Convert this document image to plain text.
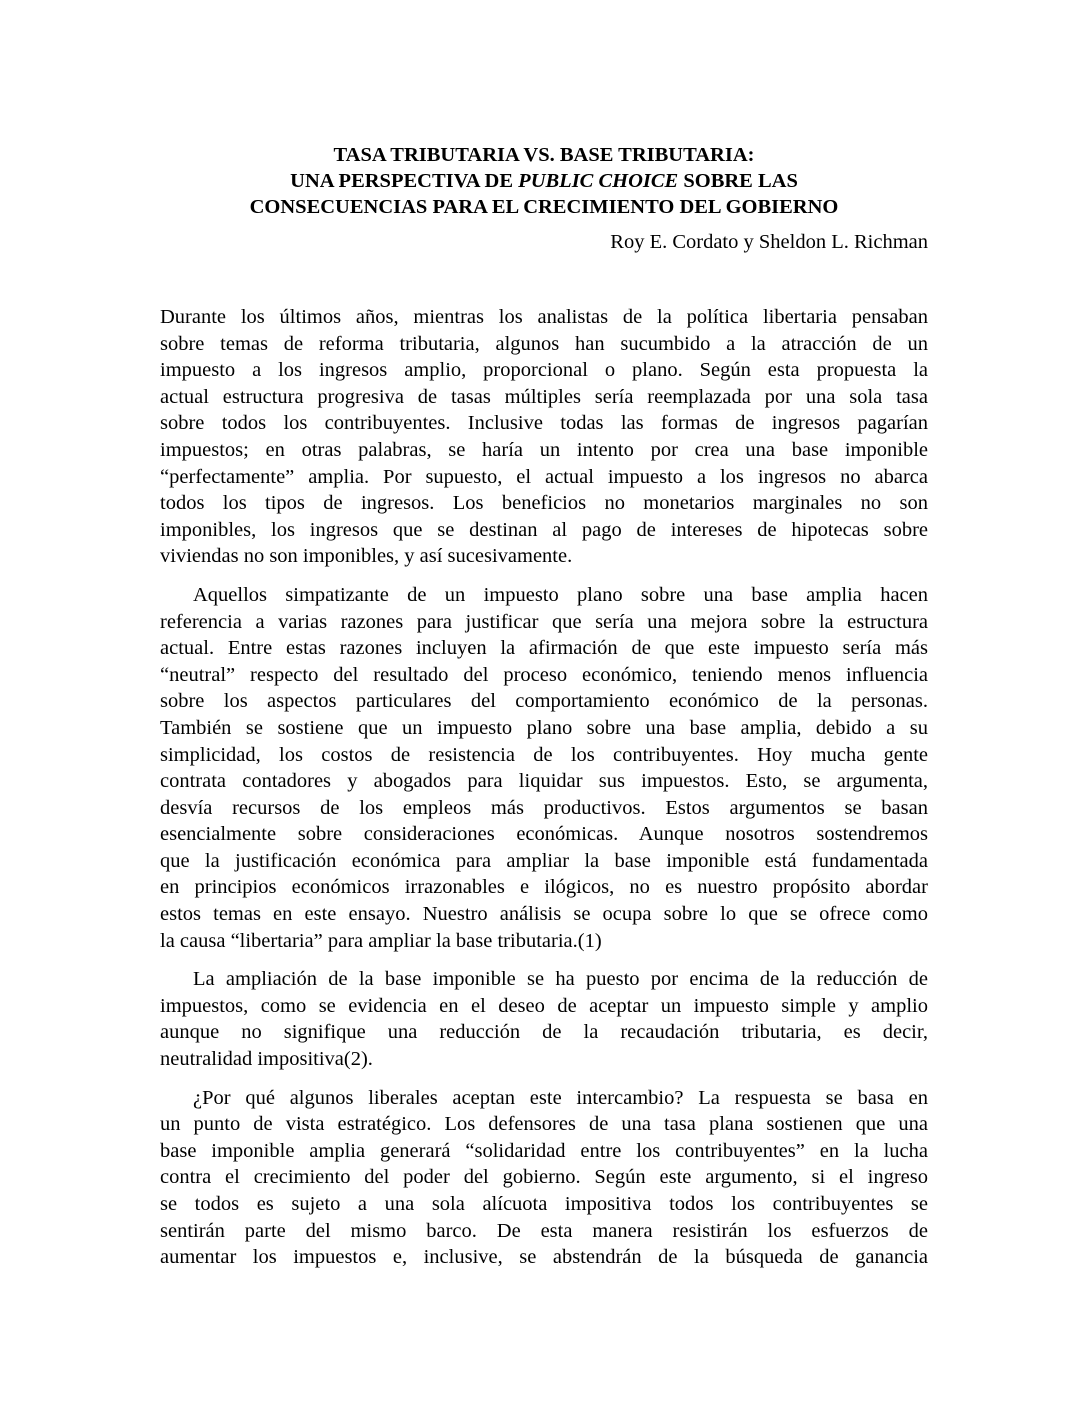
TASA TRIBUTARIA VS. BASE TRIBUTARIA:
UNA PERSPECTIVA DE PUBLIC CHOICE SOBRE LAS
CONSECUENCIAS PARA EL CRECIMIENTO DEL GOBIERNO
Roy E. Cordato y Sheldon L. Richman
Durante los últimos años, mientras los analistas de la política libertaria pensaban
sobre temas de reforma tributaria, algunos han sucumbido a la atracción de un
impuesto a los ingresos amplio, proporcional o plano. Según esta propuesta la
actual estructura progresiva de tasas múltiples sería reemplazada por una sola tasa
sobre todos los contribuyentes. Inclusive todas las formas de ingresos pagarían
impuestos; en otras palabras, se haría un intento por crea una base imponible
“perfectamente” amplia. Por supuesto, el actual impuesto a los ingresos no abarca
todos los tipos de ingresos. Los beneficios no monetarios marginales no son
imponibles, los ingresos que se destinan al pago de intereses de hipotecas sobre
viviendas no son imponibles, y así sucesivamente.
Aquellos simpatizante de un impuesto plano sobre una base amplia hacen
referencia a varias razones para justificar que sería una mejora sobre la estructura
actual. Entre estas razones incluyen la afirmación de que este impuesto sería más
“neutral” respecto del resultado del proceso económico, teniendo menos influencia
sobre los aspectos particulares del comportamiento económico de la personas.
También se sostiene que un impuesto plano sobre una base amplia, debido a su
simplicidad, los costos de resistencia de los contribuyentes. Hoy mucha gente
contrata contadores y abogados para liquidar sus impuestos. Esto, se argumenta,
desvía recursos de los empleos más productivos. Estos argumentos se basan
esencialmente sobre consideraciones económicas. Aunque nosotros sostendremos
que la justificación económica para ampliar la base imponible está fundamentada
en principios económicos irrazonables e ilógicos, no es nuestro propósito abordar
estos temas en este ensayo. Nuestro análisis se ocupa sobre lo que se ofrece como
la causa “libertaria” para ampliar la base tributaria.(1)
La ampliación de la base imponible se ha puesto por encima de la reducción de
impuestos, como se evidencia en el deseo de aceptar un impuesto simple y amplio
aunque no signifique una reducción de la recaudación tributaria, es decir,
neutralidad impositiva(2).
¿Por qué algunos liberales aceptan este intercambio? La respuesta se basa en
un punto de vista estratégico. Los defensores de una tasa plana sostienen que una
base imponible amplia generará “solidaridad entre los contribuyentes” en la lucha
contra el crecimiento del poder del gobierno. Según este argumento, si el ingreso
se todos es sujeto a una sola alícuota impositiva todos los contribuyentes se
sentirán parte del mismo barco. De esta manera resistirán los esfuerzos de
aumentar los impuestos e, inclusive, se abstendrán de la búsqueda de ganancia
